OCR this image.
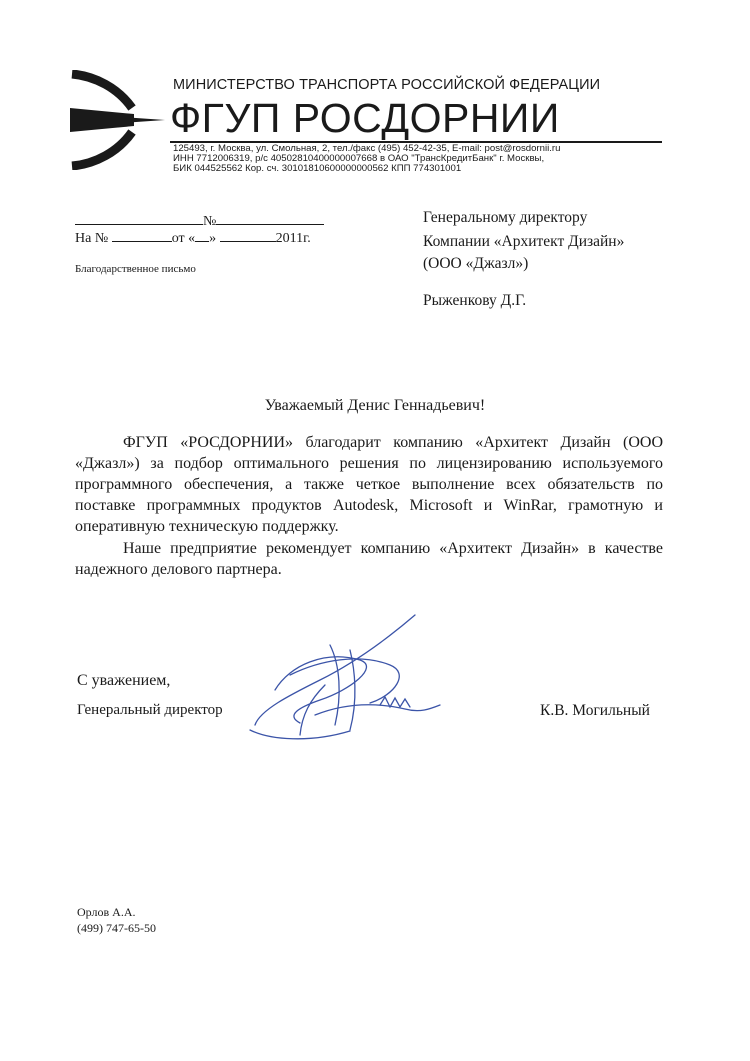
МИНИСТЕРСТВО ТРАНСПОРТА РОССИЙСКОЙ ФЕДЕРАЦИИ
ФГУП РОСДОРНИИ
125493, г. Москва, ул. Смольная, 2, тел./факс (495) 452-42-35, E-mail: post@rosdornii.ru
ИНН 7712006319, р/с 40502810400000007668 в ОАО "ТрансКредитБанк" г. Москвы,
БИК 044525562 Кор. сч. 30101810600000000562 КПП 774301001
№
На №	от « »	2011г.
Благодарственное письмо
Генеральному директору
Компании «Архитект Дизайн»
(ООО «Джазл»)
Рыженкову Д.Г.
Уважаемый Денис Геннадьевич!
ФГУП «РОСДОРНИИ» благодарит компанию «Архитект Дизайн (ООО «Джазл») за подбор оптимального решения по лицензированию используемого программного обеспечения, а также четкое выполнение всех обязательств по поставке программных продуктов Autodesk, Microsoft и WinRar, грамотную и оперативную техническую поддержку.
Наше предприятие рекомендует компанию «Архитект Дизайн» в качестве надежного делового партнера.
С уважением,
Генеральный директор	К.В. Могильный
Орлов А.А.
(499) 747-65-50
